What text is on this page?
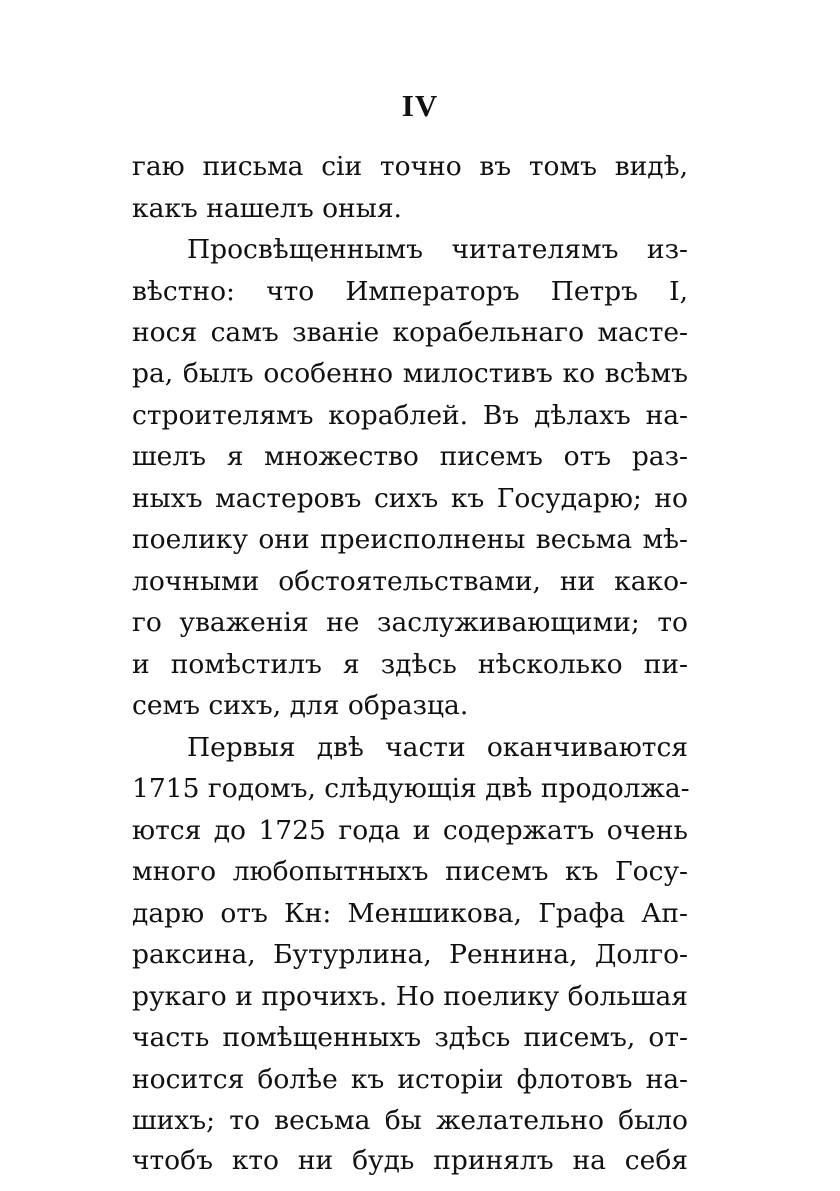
IV
гаю письма сіи точно въ томъ видѣ,
какъ нашелъ оныя.
Просвѣщеннымъ читателямъ из-
вѣстно: что Императоръ Петръ I,
нося самъ званіе корабельнаго масте-
ра, былъ особенно милостивъ ко всѣмъ
строителямъ кораблей. Въ дѣлахъ на-
шелъ я множество писемъ отъ раз-
ныхъ мастеровъ сихъ къ Государю; но
поелику они преисполнены весьма мѣ-
лочными обстоятельствами, ни како-
го уваженія не заслуживающими; то
и помѣстилъ я здѣсь нѣсколько пи-
семъ сихъ, для образца.
Первыя двѣ части оканчиваются
1715 годомъ, слѣдующія двѣ продолжа-
ются до 1725 года и содержатъ очень
много любопытныхъ писемъ къ Госу-
дарю отъ Кн: Меншикова, Графа Ап-
раксина, Бутурлина, Реннина, Долго-
рукаго и прочихъ. Но поелику большая
часть помѣщенныхъ здѣсь писемъ, от-
носится болѣе къ исторіи флотовъ на-
шихъ; то весьма бы желательно было
чтобъ кто ни будь принялъ на себя
